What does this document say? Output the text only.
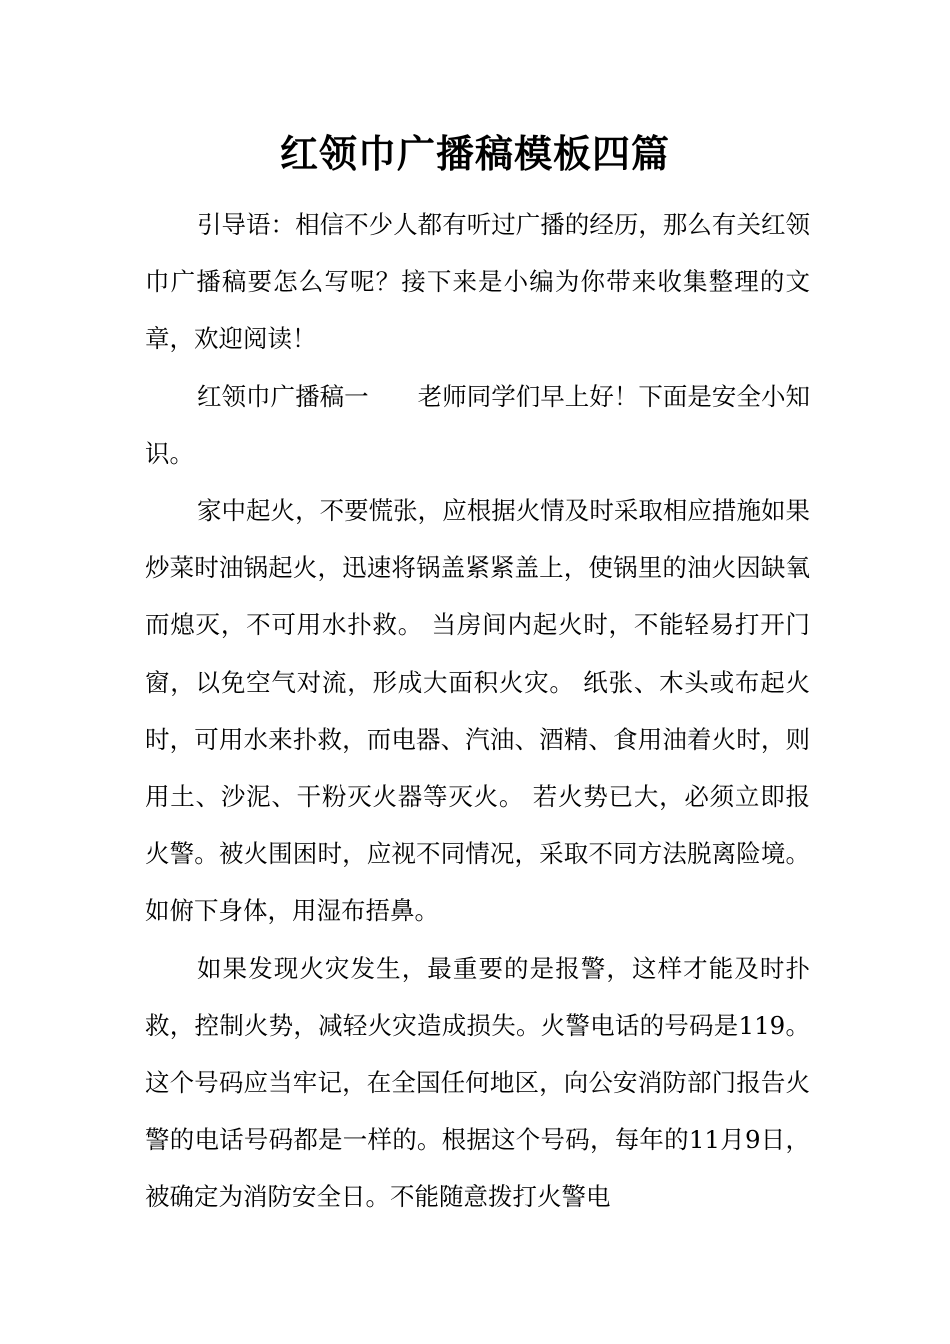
红领巾广播稿模板四篇

引导语：相信不少人都有听过广播的经历，那么有关红领巾广播稿要怎么写呢？接下来是小编为你带来收集整理的文章，欢迎阅读！

红领巾广播稿一　　老师同学们早上好！下面是安全小知识。

家中起火，不要慌张，应根据火情及时采取相应措施如果炒菜时油锅起火，迅速将锅盖紧紧盖上，使锅里的油火因缺氧而熄灭，不可用水扑救。 当房间内起火时，不能轻易打开门窗，以免空气对流，形成大面积火灾。 纸张、木头或布起火时，可用水来扑救，而电器、汽油、酒精、食用油着火时，则用土、沙泥、干粉灭火器等灭火。 若火势已大，必须立即报火警。被火围困时，应视不同情况，采取不同方法脱离险境。如俯下身体，用湿布捂鼻。

如果发现火灾发生，最重要的是报警，这样才能及时扑救，控制火势，减轻火灾造成损失。火警电话的号码是119。这个号码应当牢记，在全国任何地区，向公安消防部门报告火警的电话号码都是一样的。根据这个号码，每年的11月9日，被确定为消防安全日。不能随意拨打火警电
